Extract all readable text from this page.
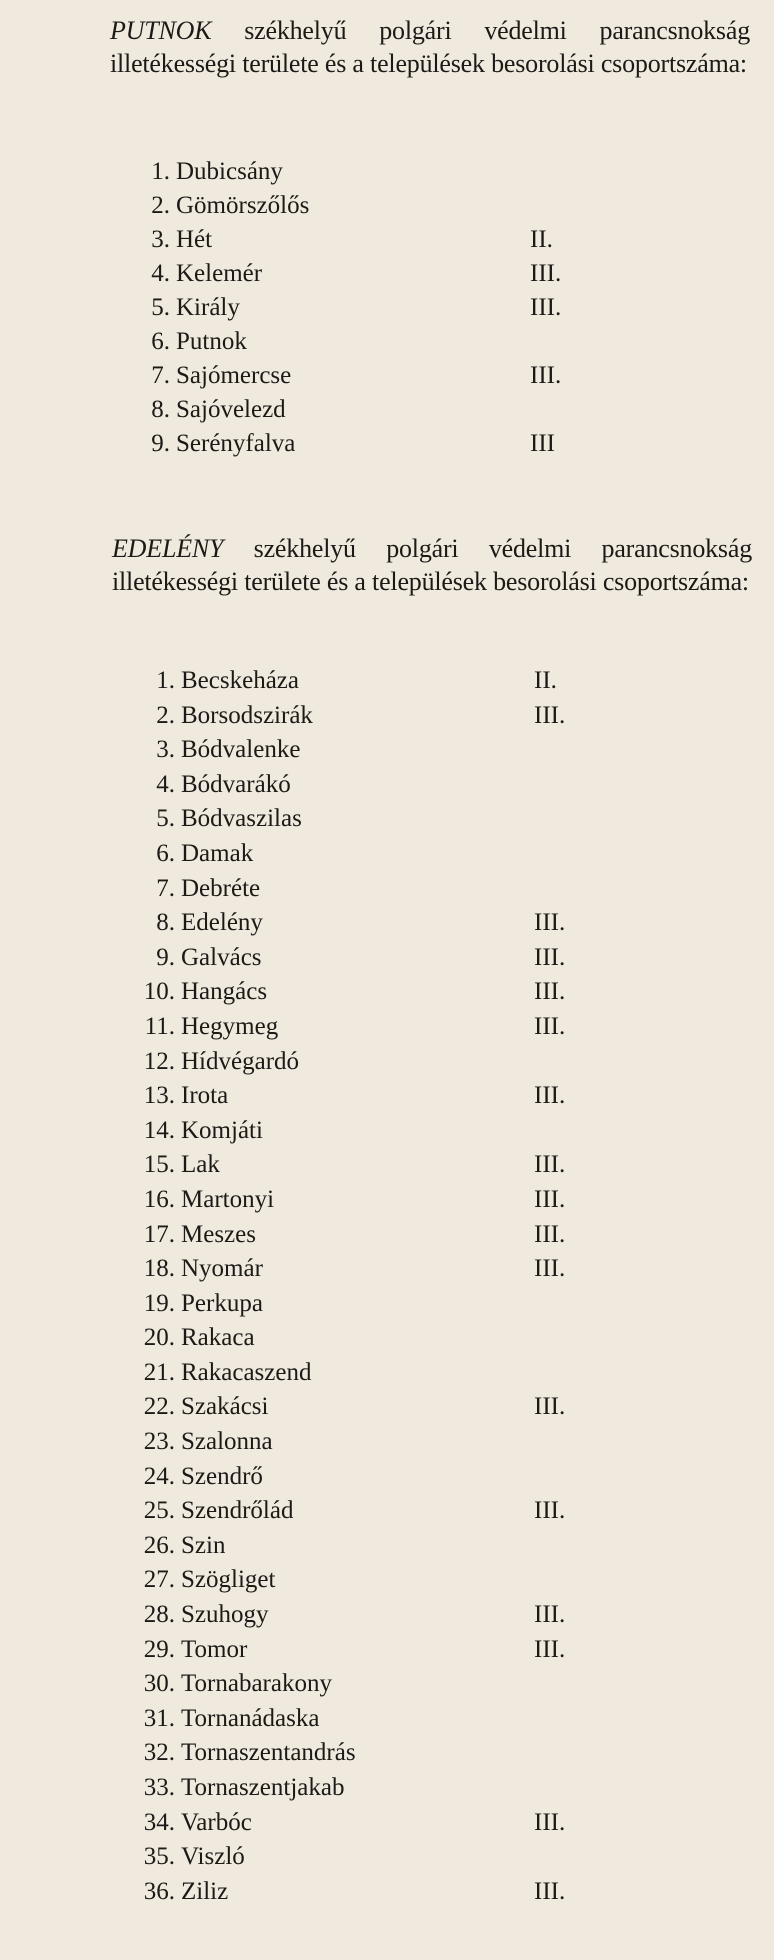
PUTNOK székhelyű polgári védelmi parancsnokság illetékességi területe és a települések besorolási csoportszáma:

1. Dubicsány
2. Gömörszőlős
3. Hét	II.
4. Kelemér	III.
5. Király	III.
6. Putnok
7. Sajómercse	III.
8. Sajóvelezd
9. Serényfalva	III

EDELÉNY székhelyű polgári védelmi parancsnokság illetékességi területe és a települések besorolási csoportszáma:

1. Becskeháza	II.
2. Borsodszirák	III.
3. Bódvalenke
4. Bódvarákó
5. Bódvaszilas
6. Damak
7. Debréte
8. Edelény	III.
9. Galvács	III.
10. Hangács	III.
11. Hegymeg	III.
12. Hídvégardó
13. Irota	III.
14. Komjáti
15. Lak	III.
16. Martonyi	III.
17. Meszes	III.
18. Nyomár	III.
19. Perkupa
20. Rakaca
21. Rakacaszend
22. Szakácsi	III.
23. Szalonna
24. Szendrő
25. Szendrőlád	III.
26. Szin
27. Szögliget
28. Szuhogy	III.
29. Tomor	III.
30. Tornabarakony
31. Tornanádaska
32. Tornaszentandrás
33. Tornaszentjakab
34. Varbóc	III.
35. Viszló
36. Ziliz	III.
